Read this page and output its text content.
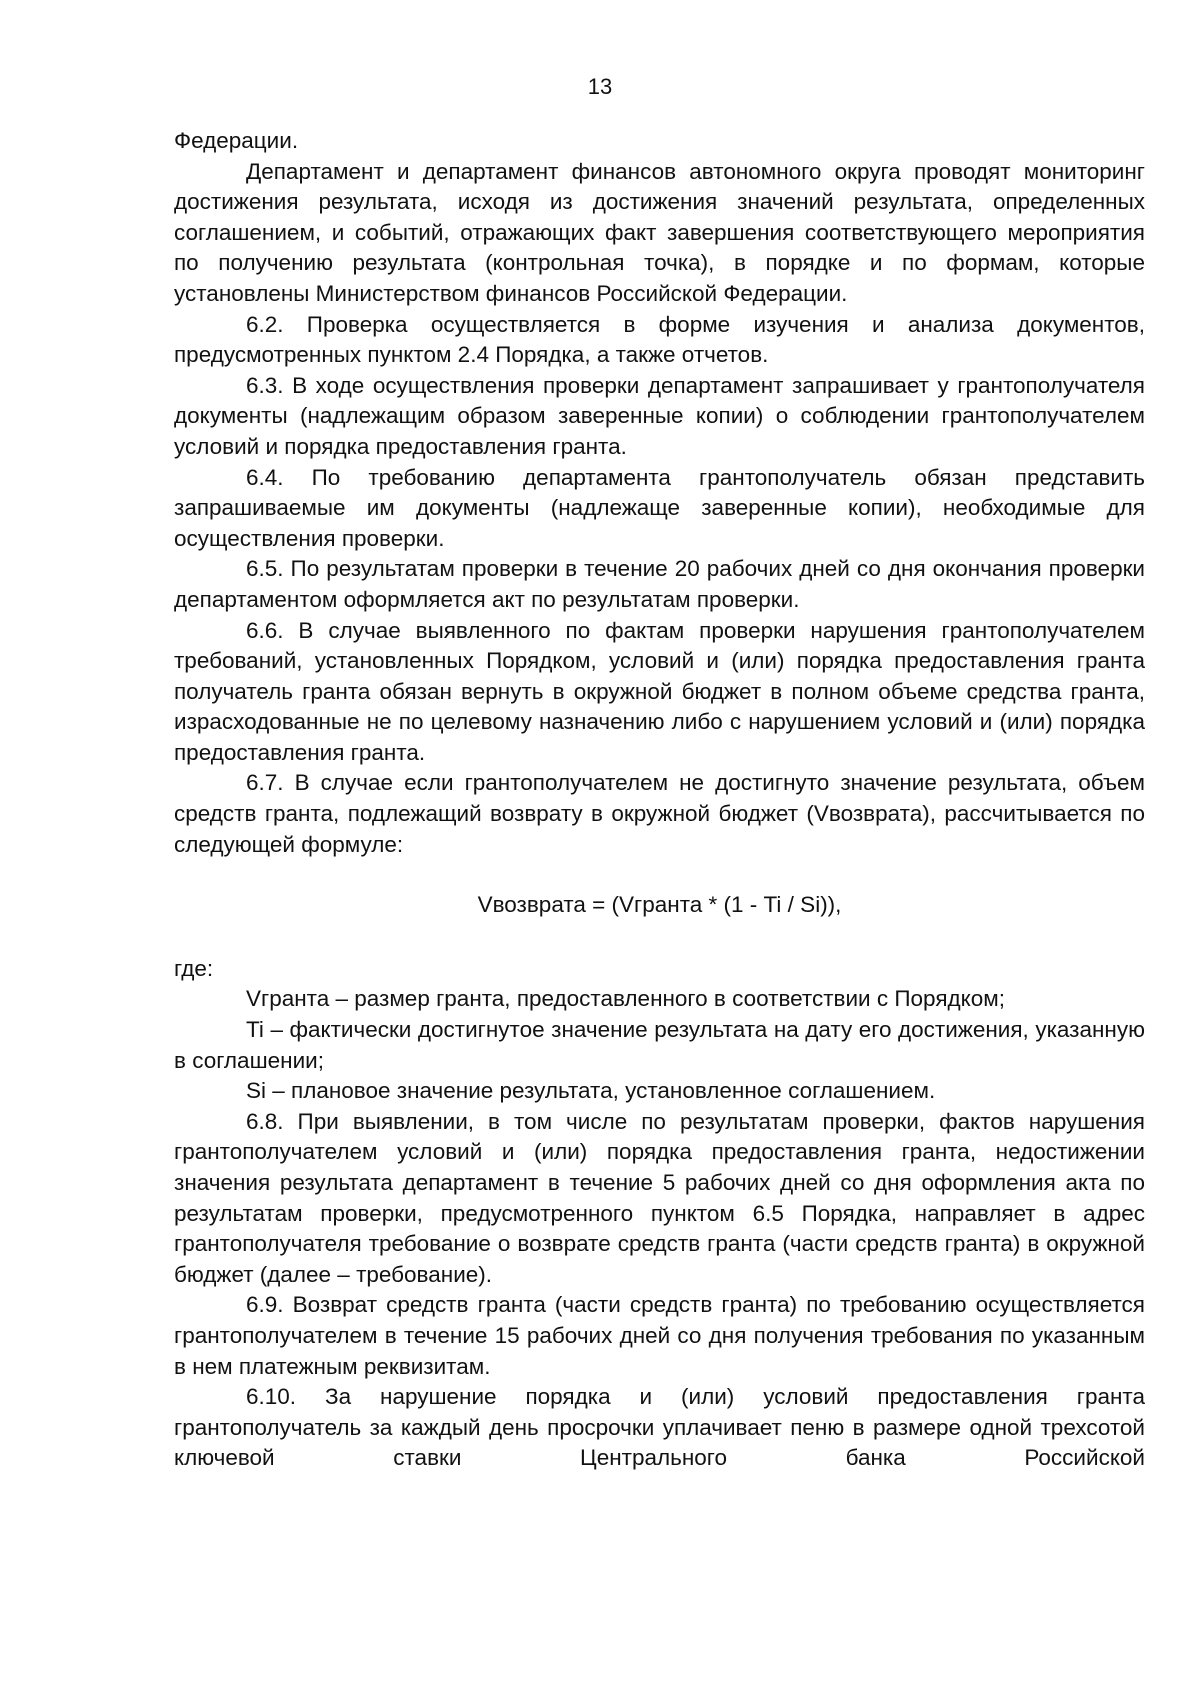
13

Федерации.

Департамент и департамент финансов автономного округа проводят мониторинг достижения результата, исходя из достижения значений результата, определенных соглашением, и событий, отражающих факт завершения соответствующего мероприятия по получению результата (контрольная точка), в порядке и по формам, которые установлены Министерством финансов Российской Федерации.

6.2. Проверка осуществляется в форме изучения и анализа документов, предусмотренных пунктом 2.4 Порядка, а также отчетов.

6.3. В ходе осуществления проверки департамент запрашивает у грантополучателя документы (надлежащим образом заверенные копии) о соблюдении грантополучателем условий и порядка предоставления гранта.

6.4. По требованию департамента грантополучатель обязан представить запрашиваемые им документы (надлежаще заверенные копии), необходимые для осуществления проверки.

6.5. По результатам проверки в течение 20 рабочих дней со дня окончания проверки департаментом оформляется акт по результатам проверки.

6.6. В случае выявленного по фактам проверки нарушения грантополучателем требований, установленных Порядком, условий и (или) порядка предоставления гранта получатель гранта обязан вернуть в окружной бюджет в полном объеме средства гранта, израсходованные не по целевому назначению либо с нарушением условий и (или) порядка предоставления гранта.

6.7. В случае если грантополучателем не достигнуто значение результата, объем средств гранта, подлежащий возврату в окружной бюджет (Vвозврата), рассчитывается по следующей формуле:

Vвозврата = (Vгранта * (1 - Ti / Si)),

где:

Vгранта – размер гранта, предоставленного в соответствии с Порядком;

Ti – фактически достигнутое значение результата на дату его достижения, указанную в соглашении;

Si – плановое значение результата, установленное соглашением.

6.8. При выявлении, в том числе по результатам проверки, фактов нарушения грантополучателем условий и (или) порядка предоставления гранта, недостижении значения результата департамент в течение 5 рабочих дней со дня оформления акта по результатам проверки, предусмотренного пунктом 6.5 Порядка, направляет в адрес грантополучателя требование о возврате средств гранта (части средств гранта) в окружной бюджет (далее – требование).

6.9. Возврат средств гранта (части средств гранта) по требованию осуществляется грантополучателем в течение 15 рабочих дней со дня получения требования по указанным в нем платежным реквизитам.

6.10. За нарушение порядка и (или) условий предоставления гранта грантополучатель за каждый день просрочки уплачивает пеню в размере одной трехсотой ключевой ставки Центрального банка Российской
